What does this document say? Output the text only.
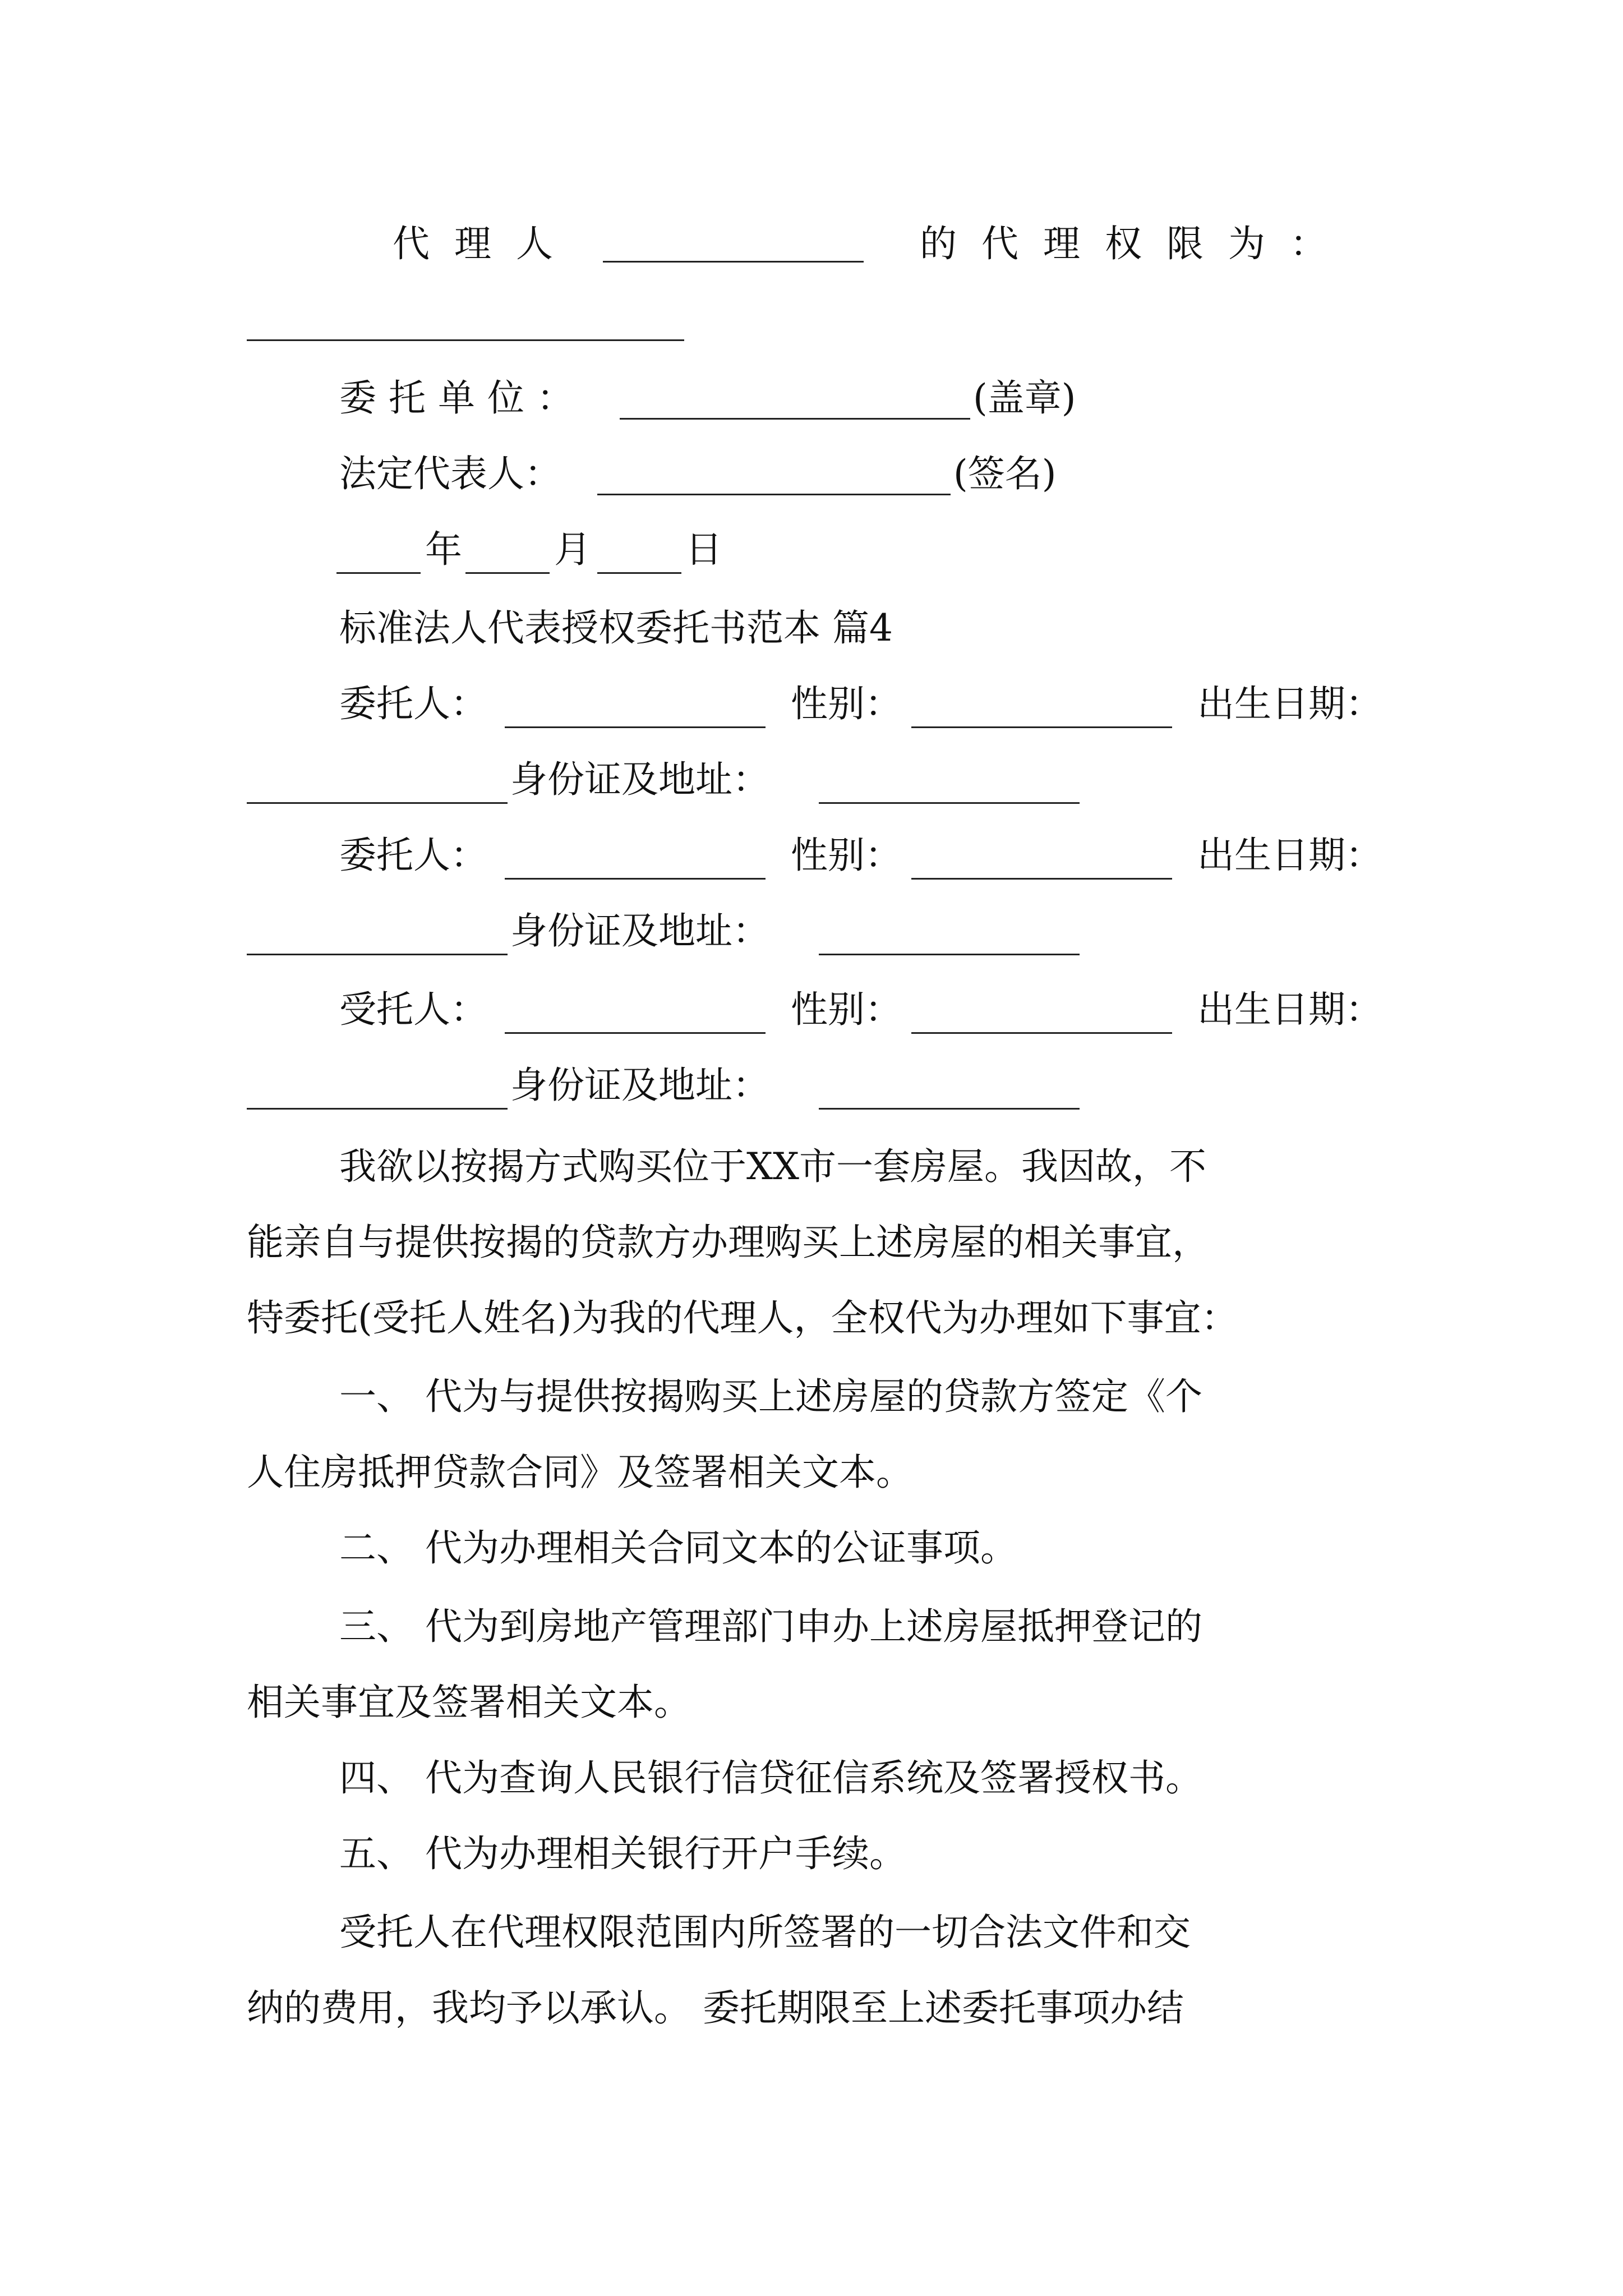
代理人	的代理权限为：
委托单位：	(盖章)
法定代表人：	(签名)
年 月	日
标准法人代表授权委托书范本 篇4
委托人：	性别：	出生日期：
身份证及地址：
委托人：	性别：	出生日期：
身份证及地址：
受托人：	性别：	出生日期：
身份证及地址：
我欲以按揭方式购买位于XX市一套房屋。我因故，不
能亲自与提供按揭的贷款方办理购买上述房屋的相关事宜，
特委托(受托人姓名)为我的代理人，全权代为办理如下事宜：
一、 代为与提供按揭购买上述房屋的贷款方签定《个
人住房抵押贷款合同》及签署相关文本。
二、 代为办理相关合同文本的公证事项。
三、 代为到房地产管理部门申办上述房屋抵押登记的
相关事宜及签署相关文本。
四、 代为查询人民银行信贷征信系统及签署授权书。
五、 代为办理相关银行开户手续。
受托人在代理权限范围内所签署的一切合法文件和交
纳的费用，我均予以承认。 委托期限至上述委托事项办结
